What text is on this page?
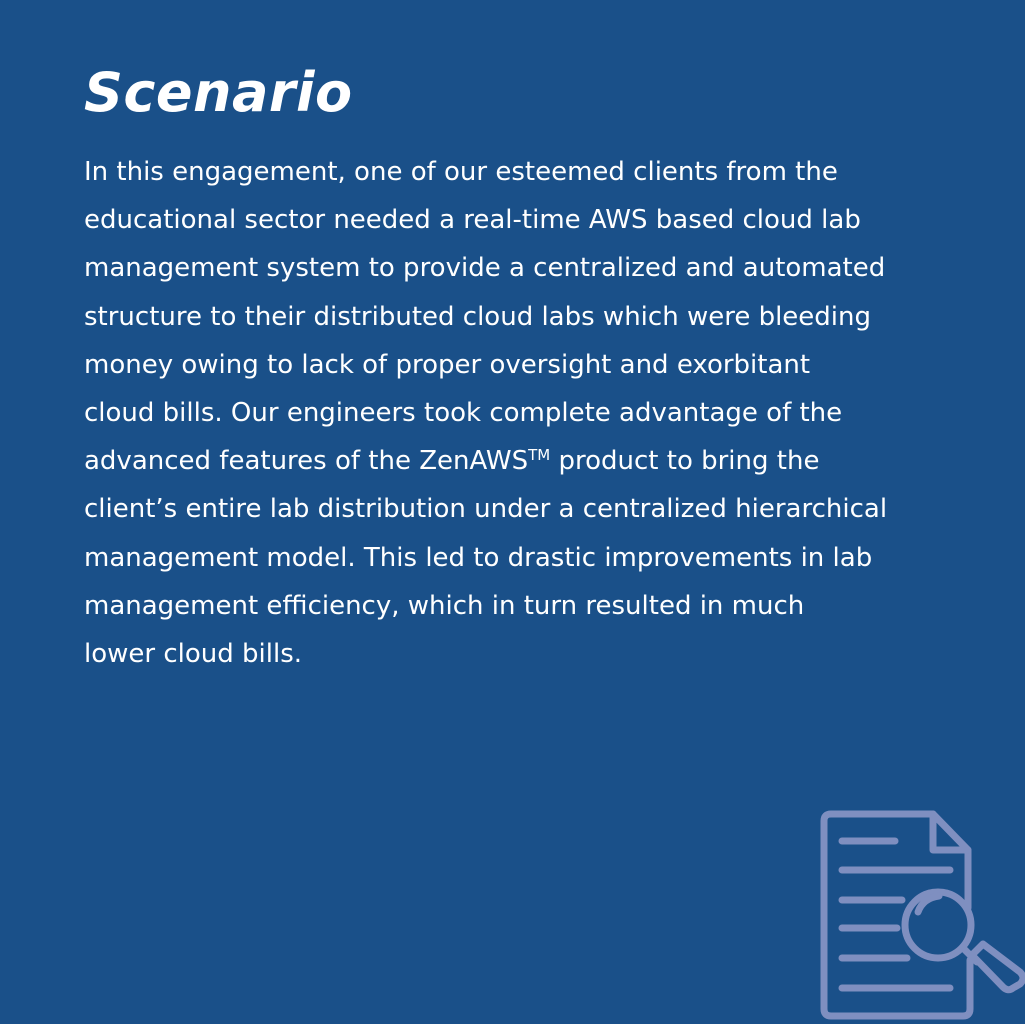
Scenario

In this engagement, one of our esteemed clients from the
educational sector needed a real-time AWS based cloud lab
management system to provide a centralized and automated
structure to their distributed cloud labs which were bleeding
money owing to lack of proper oversight and exorbitant
cloud bills. Our engineers took complete advantage of the
advanced features of the ZenAWS™ product to bring the
client’s entire lab distribution under a centralized hierarchical
management model. This led to drastic improvements in lab
management efficiency, which in turn resulted in much
lower cloud bills.
